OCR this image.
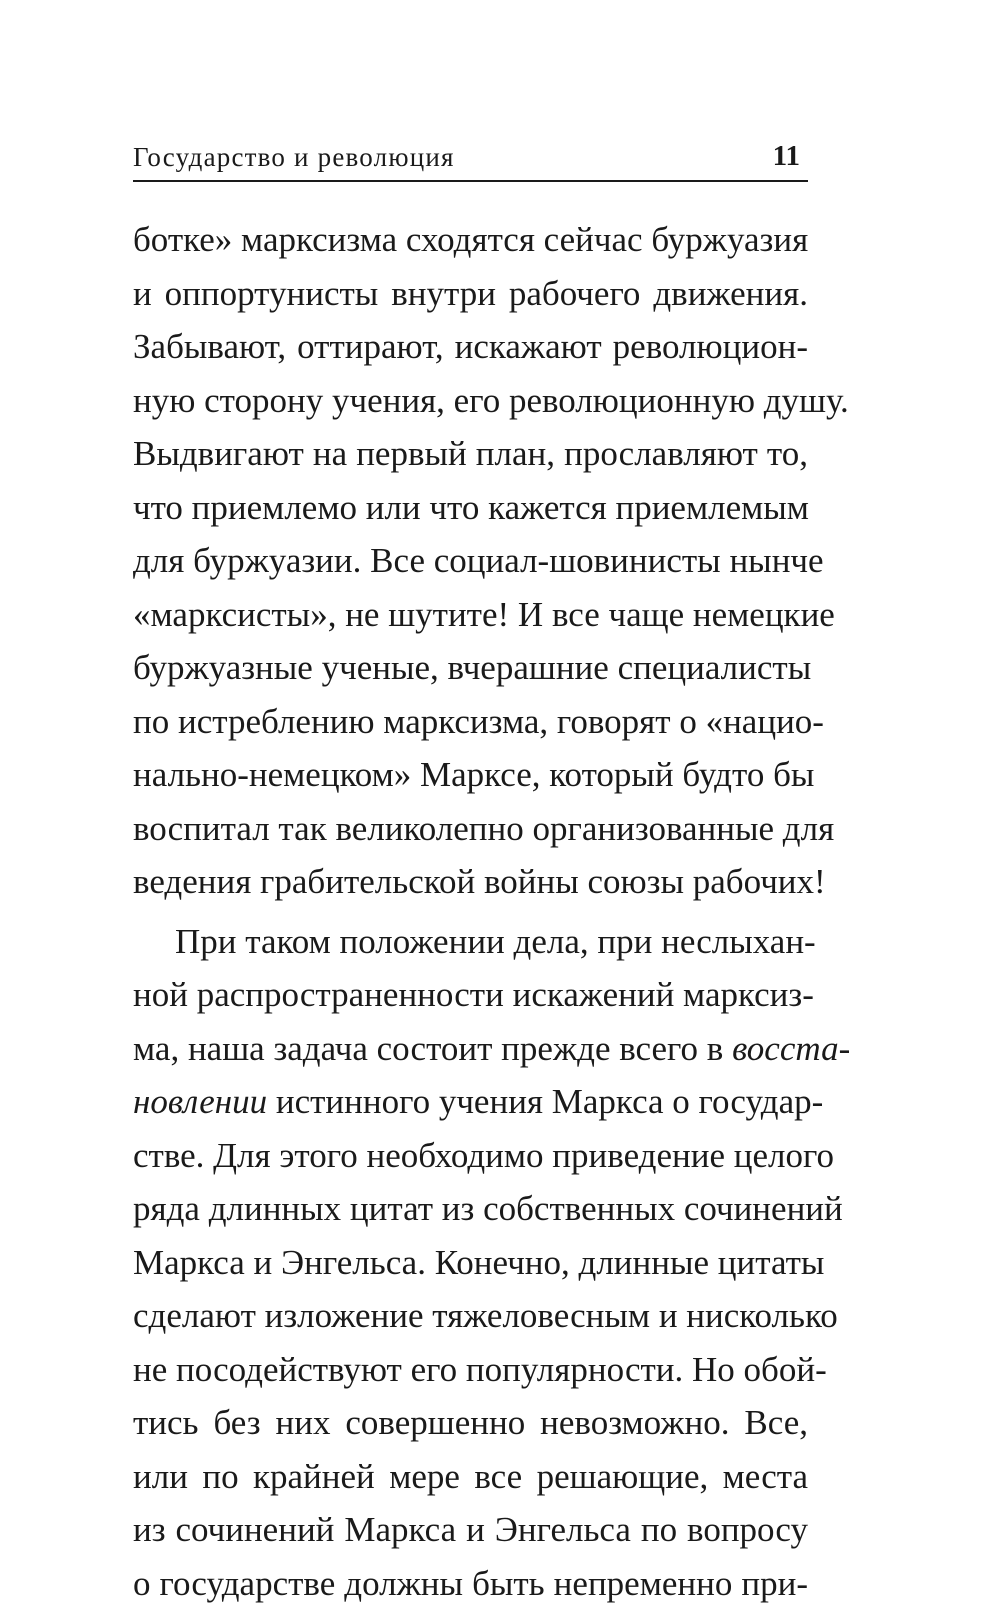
Государство и революция	11
ботке» марксизма сходятся сейчас буржуазия
и оппортунисты внутри рабочего движения.
Забывают, оттирают, искажают революцион-
ную сторону учения, его революционную душу.
Выдвигают на первый план, прославляют то,
что приемлемо или что кажется приемлемым
для буржуазии. Все социал-шовинисты нынче
«марксисты», не шутите! И все чаще немецкие
буржуазные ученые, вчерашние специалисты
по истреблению марксизма, говорят о «нацио-
нально-немецком» Марксе, который будто бы
воспитал так великолепно организованные для
ведения грабительской войны союзы рабочих!
При таком положении дела, при неслыхан-
ной распространенности искажений марксиз-
ма, наша задача состоит прежде всего в восста-
новлении истинного учения Маркса о государ-
стве. Для этого необходимо приведение целого
ряда длинных цитат из собственных сочинений
Маркса и Энгельса. Конечно, длинные цитаты
сделают изложение тяжеловесным и нисколько
не посодействуют его популярности. Но обой-
тись без них совершенно невозможно. Все,
или по крайней мере все решающие, места
из сочинений Маркса и Энгельса по вопросу
о государстве должны быть непременно при-
